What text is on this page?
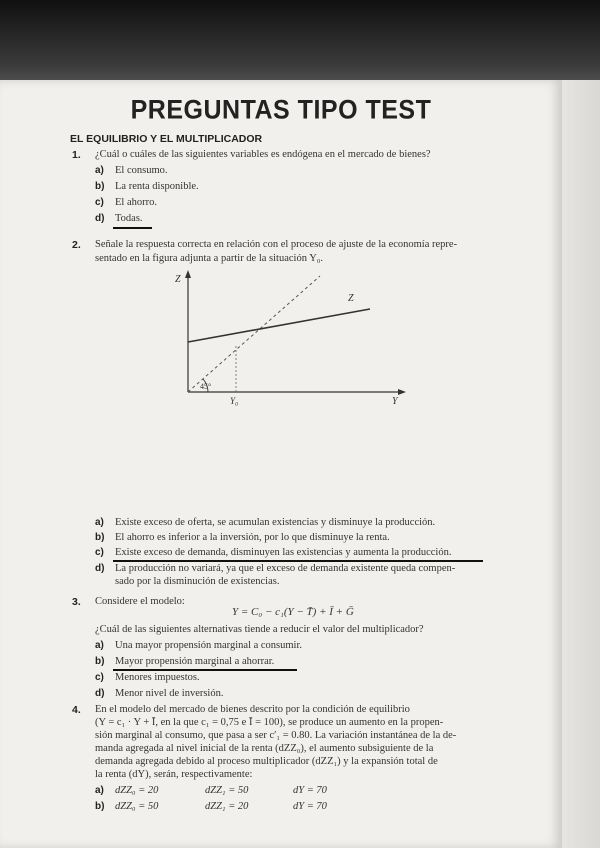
PREGUNTAS TIPO TEST
EL EQUILIBRIO Y EL MULTIPLICADOR
1. ¿Cuál o cuáles de las siguientes variables es endógena en el mercado de bienes?
a) El consumo.
b) La renta disponible.
c) El ahorro.
d) Todas.
2. Señale la respuesta correcta en relación con el proceso de ajuste de la economía repre-
sentado en la figura adjunta a partir de la situación Y₀.
Z
Z
45°
Y₀	Y
a) Existe exceso de oferta, se acumulan existencias y disminuye la producción.
b) El ahorro es inferior a la inversión, por lo que disminuye la renta.
c) Existe exceso de demanda, disminuyen las existencias y aumenta la producción.
d) La producción no variará, ya que el exceso de demanda existente queda compen-
sado por la disminución de existencias.
3. Considere el modelo:
Y = C₀ − c₁(Y − T̄) + Ī + Ḡ
¿Cuál de las siguientes alternativas tiende a reducir el valor del multiplicador?
a) Una mayor propensión marginal a consumir.
b) Mayor propensión marginal a ahorrar.
c) Menores impuestos.
d) Menor nivel de inversión.
4. En el modelo del mercado de bienes descrito por la condición de equilibrio
(Y = c₁ · Y + Ī, en la que c₁ = 0,75 e Ī = 100), se produce un aumento en la propen-
sión marginal al consumo, que pasa a ser c′₁ = 0.80. La variación instantánea de la de-
manda agregada al nivel inicial de la renta (dZZ₀), el aumento subsiguiente de la
demanda agregada debido al proceso multiplicador (dZZ₁) y la expansión total de
la renta (dY), serán, respectivamente:
a) dZZ₀ = 20	dZZ₁ = 50	dY = 70
b) dZZ₀ = 50	dZZ₁ = 20	dY = 70
